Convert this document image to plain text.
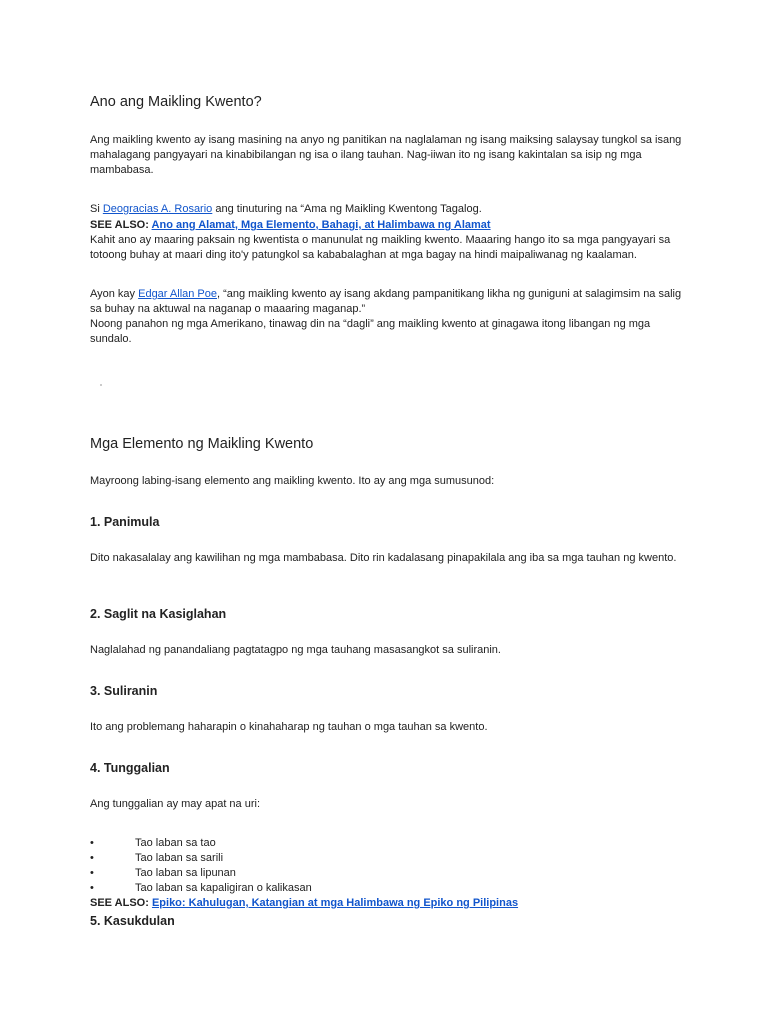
Ano ang Maikling Kwento?

Ang maikling kwento ay isang masining na anyo ng panitikan na naglalaman ng isang maiksing salaysay tungkol sa isang mahalagang pangyayari na kinabibilangan ng isa o ilang tauhan. Nag-iiwan ito ng isang kakintalan sa isip ng mga mambabasa.

Si Deogracias A. Rosario ang tinuturing na “Ama ng Maikling Kwentong Tagalog.

SEE ALSO: Ano ang Alamat, Mga Elemento, Bahagi, at Halimbawa ng Alamat

Kahit ano ay maaring paksain ng kwentista o manunulat ng maikling kwento. Maaaring hango ito sa mga pangyayari sa totoong buhay at maari ding ito'y patungkol sa kababalaghan at mga bagay na hindi maipaliwanag ng kaalaman.

Ayon kay Edgar Allan Poe, “ang maikling kwento ay isang akdang pampanitikang likha ng guniguni at salagimsim na salig sa buhay na aktuwal na naganap o maaaring maganap.”

Noong panahon ng mga Amerikano, tinawag din na “dagli” ang maikling kwento at ginagawa itong libangan ng mga sundalo.

Mga Elemento ng Maikling Kwento

Mayroong labing-isang elemento ang maikling kwento. Ito ay ang mga sumusunod:

1. Panimula

Dito nakasalalay ang kawilihan ng mga mambabasa. Dito rin kadalasang pinapakilala ang iba sa mga tauhan ng kwento.

2. Saglit na Kasiglahan

Naglalahad ng panandaliang pagtatagpo ng mga tauhang masasangkot sa suliranin.

3. Suliranin

Ito ang problemang haharapin o kinahaharap ng tauhan o mga tauhan sa kwento.

4. Tunggalian

Ang tunggalian ay may apat na uri:

•	Tao laban sa tao
•	Tao laban sa sarili
•	Tao laban sa lipunan
•	Tao laban sa kapaligiran o kalikasan

SEE ALSO: Epiko: Kahulugan, Katangian at mga Halimbawa ng Epiko ng Pilipinas

5. Kasukdulan
